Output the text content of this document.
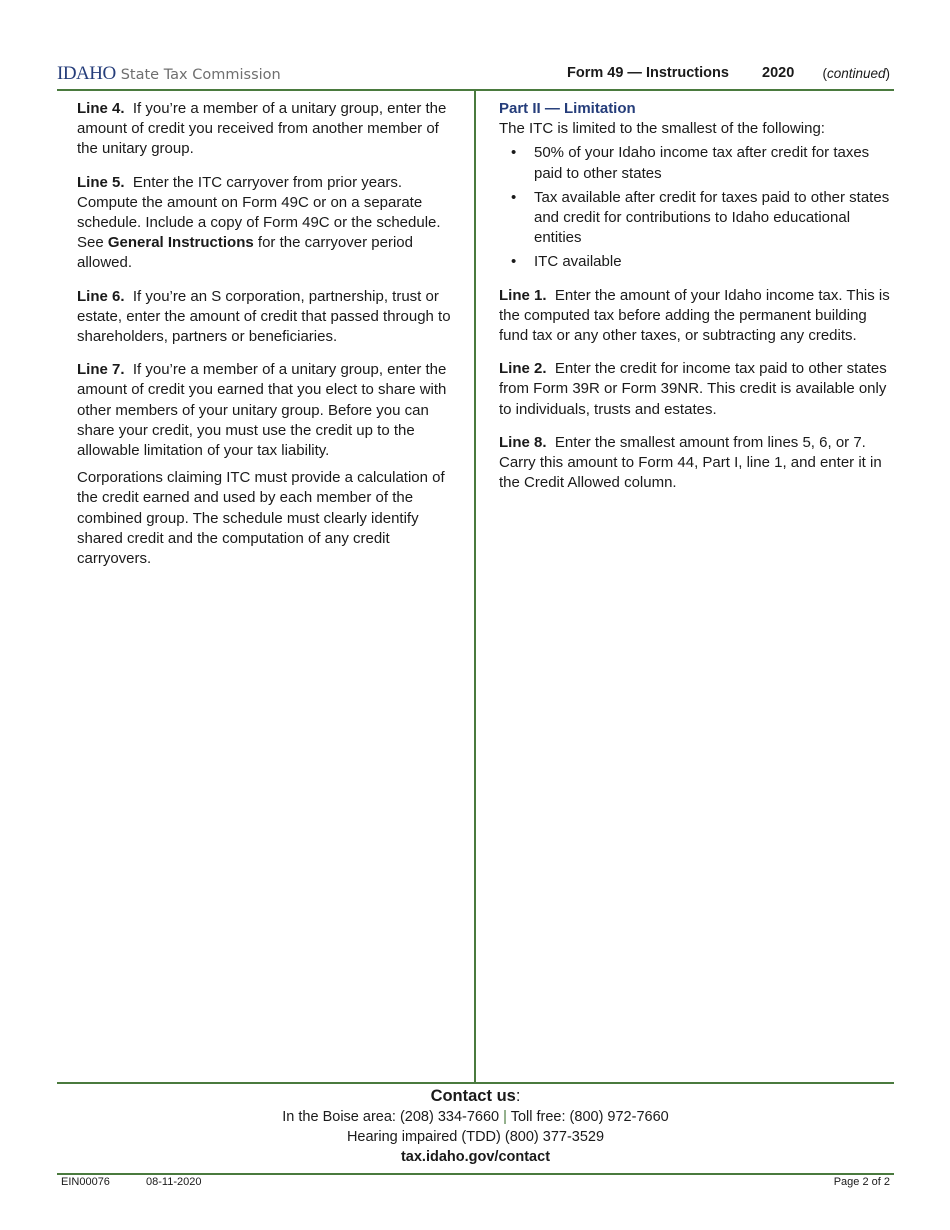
IDAHO State Tax Commission	Form 49 — Instructions 2020 (continued)

Line 4. If you’re a member of a unitary group, enter the amount of credit you received from another member of the unitary group.

Line 5. Enter the ITC carryover from prior years. Compute the amount on Form 49C or on a separate schedule. Include a copy of Form 49C or the schedule. See General Instructions for the carryover period allowed.

Line 6. If you’re an S corporation, partnership, trust or estate, enter the amount of credit that passed through to shareholders, partners or beneficiaries.

Line 7. If you’re a member of a unitary group, enter the amount of credit you earned that you elect to share with other members of your unitary group. Before you can share your credit, you must use the credit up to the allowable limitation of your tax liability.

Corporations claiming ITC must provide a calculation of the credit earned and used by each member of the combined group. The schedule must clearly identify shared credit and the computation of any credit carryovers.

Part II — Limitation
The ITC is limited to the smallest of the following:
• 50% of your Idaho income tax after credit for taxes paid to other states
• Tax available after credit for taxes paid to other states and credit for contributions to Idaho educational entities
• ITC available

Line 1. Enter the amount of your Idaho income tax. This is the computed tax before adding the permanent building fund tax or any other taxes, or subtracting any credits.

Line 2. Enter the credit for income tax paid to other states from Form 39R or Form 39NR. This credit is available only to individuals, trusts and estates.

Line 8. Enter the smallest amount from lines 5, 6, or 7. Carry this amount to Form 44, Part I, line 1, and enter it in the Credit Allowed column.

Contact us:
In the Boise area: (208) 334-7660 | Toll free: (800) 972-7660
Hearing impaired (TDD) (800) 377-3529
tax.idaho.gov/contact
EIN00076	08-11-2020	Page 2 of 2
